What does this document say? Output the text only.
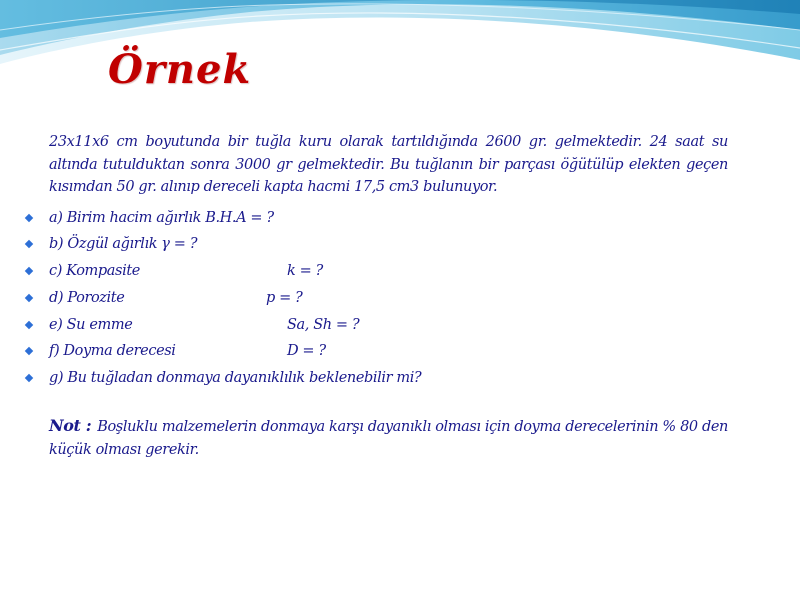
Örnek

23x11x6 cm boyutunda bir tuğla kuru olarak tartıldığında 2600 gr. gelmektedir. 24 saat su altında tutulduktan sonra 3000 gr gelmektedir. Bu tuğlanın bir parçası öğütülüp elekten geçen kısımdan 50 gr. alınıp dereceli kapta hacmi 17,5 cm3 bulunuyor.

a) Birim hacim ağırlık B.H.A = ?
b) Özgül ağırlık γ = ?
c) Kompasite	k = ?
d) Porozite	p = ?
e) Su emme	Sa, Sh = ?
f) Doyma derecesi	D = ?
g) Bu tuğladan donmaya dayanıklılık beklenebilir mi?

Not : Boşluklu malzemelerin donmaya karşı dayanıklı olması için doyma derecelerinin % 80 den küçük olması gerekir.
